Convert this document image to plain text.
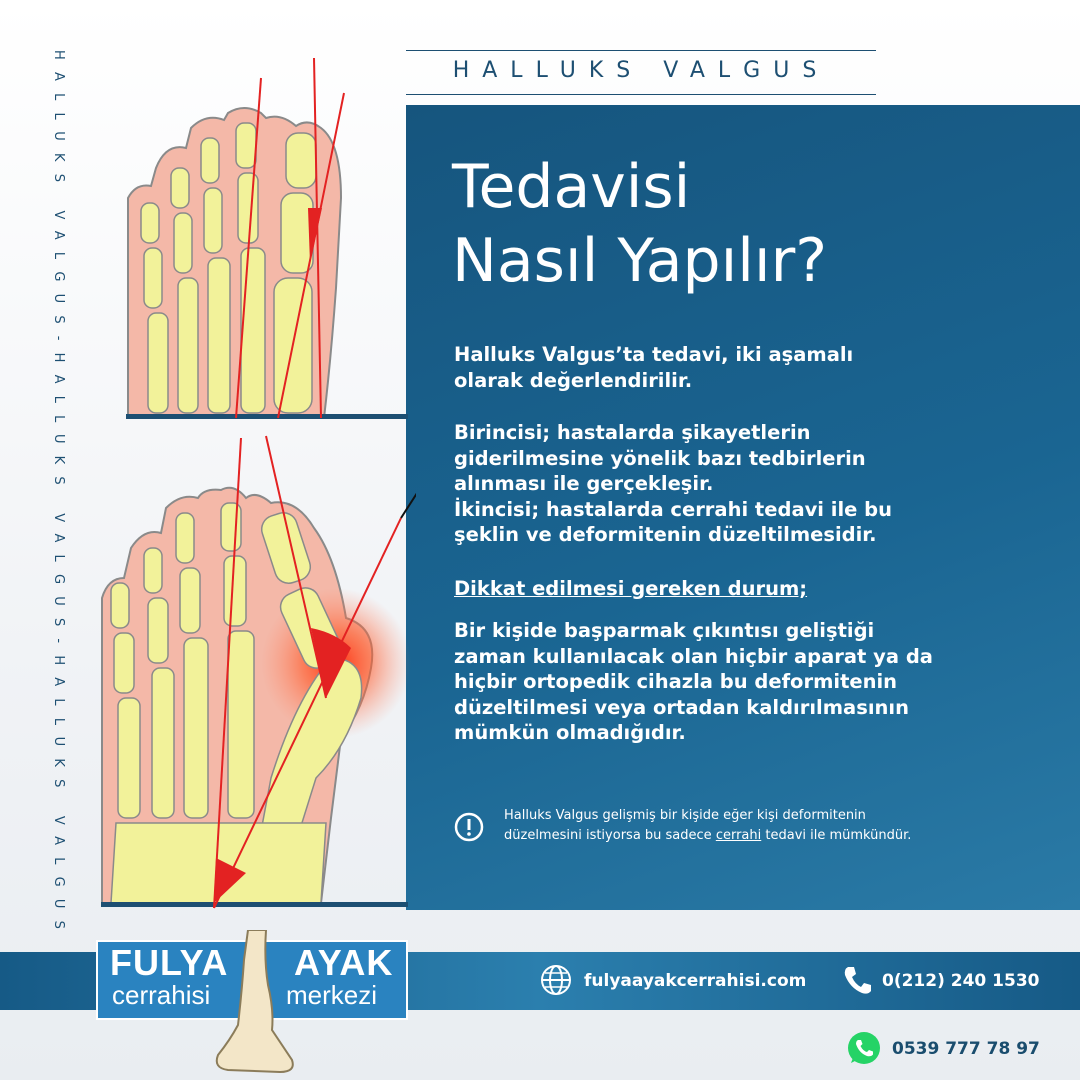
HALLUKS VALGUS-HALLUKS VALGUS-HALLUKS VALGUS	HALLUKS VALGUS
Tedavisi
Nasıl Yapılır?
Halluks Valgus’ta tedavi, iki aşamalı
olarak değerlendirilir.
Birincisi; hastalarda şikayetlerin
giderilmesine yönelik bazı tedbirlerin
alınması ile gerçekleşir.
İkincisi; hastalarda cerrahi tedavi ile bu
şeklin ve deformitenin düzeltilmesidir.
Dikkat edilmesi gereken durum;
Bir kişide başparmak çıkıntısı geliştiği
zaman kullanılacak olan hiçbir aparat ya da
hiçbir ortopedik cihazla bu deformitenin
düzeltilmesi veya ortadan kaldırılmasının
mümkün olmadığıdır.
Halluks Valgus gelişmiş bir kişide eğer kişi deformitenin
düzelmesini istiyorsa bu sadece cerrahi tedavi ile mümkündür.
FULYA
cerrahisi
AYAK
merkezi	fulyaayakcerrahisi.com	0(212) 240 1530
0539 777 78 97
